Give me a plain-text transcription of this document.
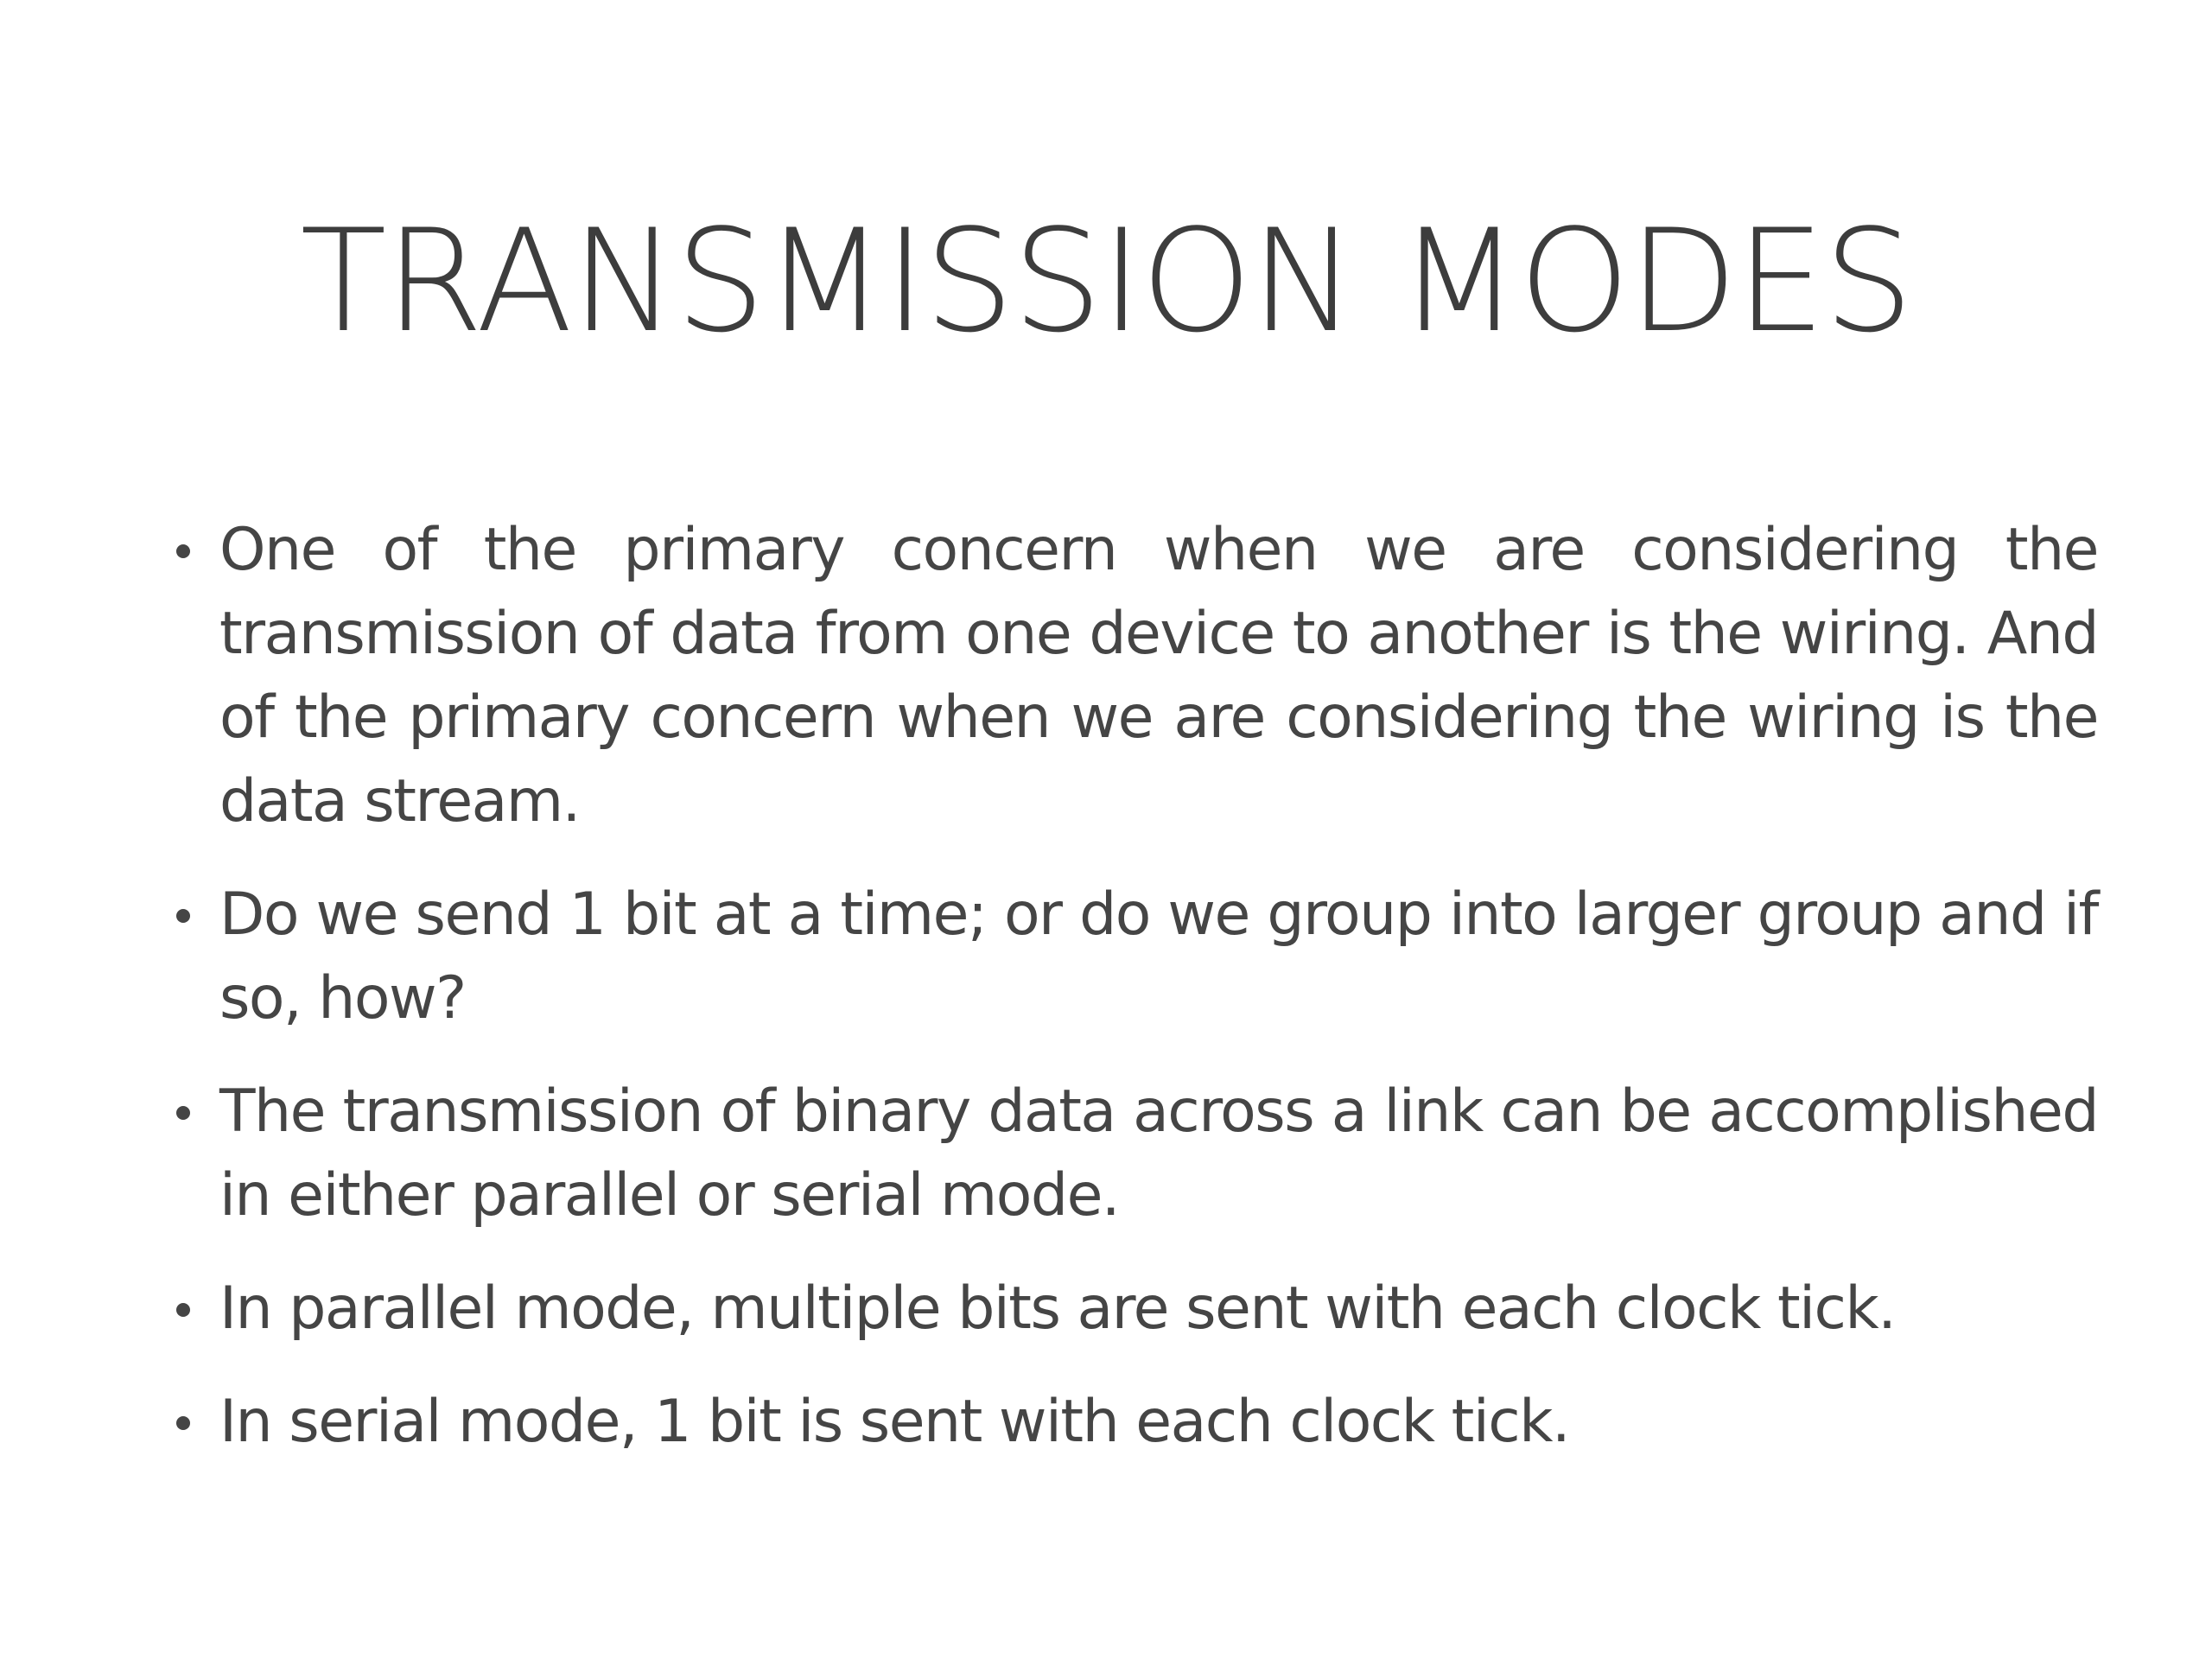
TRANSMISSION MODES
One of the primary concern when we are considering the transmission of data from one device to another is the wiring. And of the primary concern when we are considering the wiring is the data stream.
Do we send 1 bit at a time; or do we group into larger group and if so, how?
The transmission of binary data across a link can be accomplished in either parallel or serial mode.
In parallel mode, multiple bits are sent with each clock tick.
In serial mode, 1 bit is sent with each clock tick.
